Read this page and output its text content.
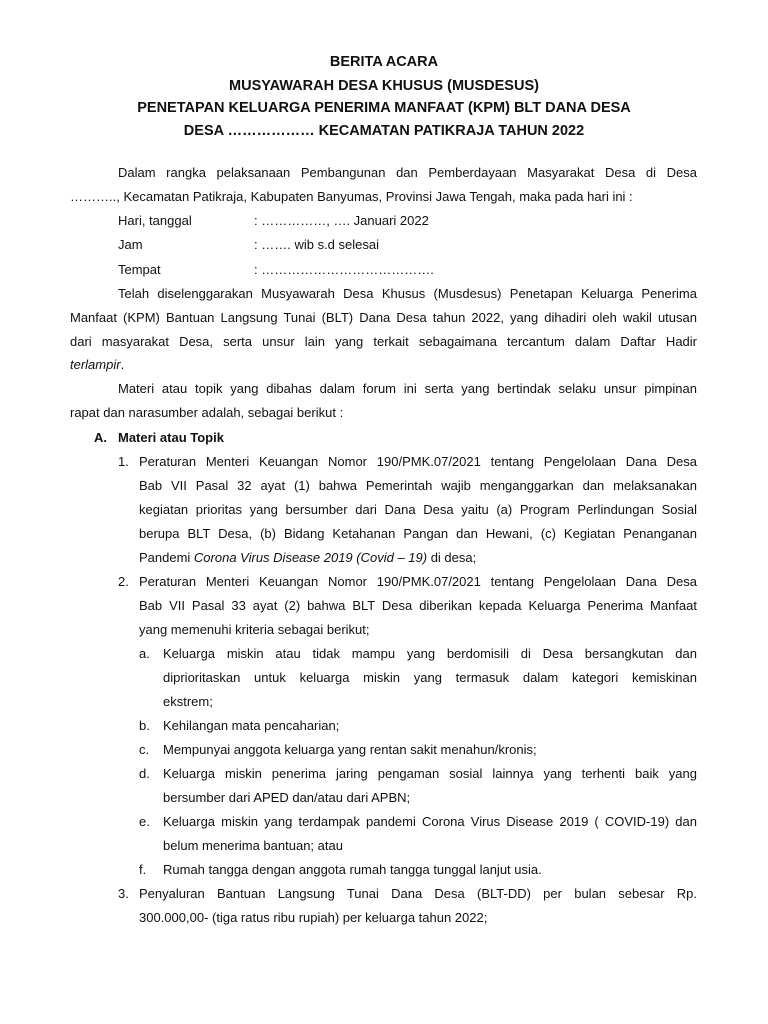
BERITA ACARA
MUSYAWARAH DESA KHUSUS (MUSDESUS)
PENETAPAN KELUARGA PENERIMA MANFAAT (KPM) BLT DANA DESA
DESA ……………… KECAMATAN PATIKRAJA TAHUN 2022
Dalam rangka pelaksanaan Pembangunan dan Pemberdayaan Masyarakat Desa di Desa
……….., Kecamatan Patikraja, Kabupaten Banyumas, Provinsi Jawa Tengah, maka pada hari ini :
Hari, tanggal	: ……………, …. Januari 2022
Jam	: ……. wib s.d selesai
Tempat	: ………………………………….
Telah diselenggarakan Musyawarah Desa Khusus (Musdesus) Penetapan Keluarga Penerima
Manfaat (KPM) Bantuan Langsung Tunai (BLT) Dana Desa tahun 2022, yang dihadiri oleh wakil utusan
dari masyarakat Desa, serta unsur lain yang terkait sebagaimana tercantum dalam Daftar Hadir
terlampir.
Materi atau topik yang dibahas dalam forum ini serta yang bertindak selaku unsur pimpinan
rapat dan narasumber adalah, sebagai berikut :
A. Materi atau Topik
1. Peraturan Menteri Keuangan Nomor 190/PMK.07/2021 tentang Pengelolaan Dana Desa
Bab VII Pasal 32 ayat (1) bahwa Pemerintah wajib menganggarkan dan melaksanakan
kegiatan prioritas yang bersumber dari Dana Desa yaitu (a) Program Perlindungan Sosial
berupa BLT Desa, (b) Bidang Ketahanan Pangan dan Hewani, (c) Kegiatan Penanganan
Pandemi Corona Virus Disease 2019 (Covid – 19) di desa;
2. Peraturan Menteri Keuangan Nomor 190/PMK.07/2021 tentang Pengelolaan Dana Desa
Bab VII Pasal 33 ayat (2) bahwa BLT Desa diberikan kepada Keluarga Penerima Manfaat
yang memenuhi kriteria sebagai berikut;
a. Keluarga miskin atau tidak mampu yang berdomisili di Desa bersangkutan dan
diprioritaskan untuk keluarga miskin yang termasuk dalam kategori kemiskinan
ekstrem;
b. Kehilangan mata pencaharian;
c. Mempunyai anggota keluarga yang rentan sakit menahun/kronis;
d. Keluarga miskin penerima jaring pengaman sosial lainnya yang terhenti baik yang
bersumber dari APED dan/atau dari APBN;
e. Keluarga miskin yang terdampak pandemi Corona Virus Disease 2019 ( COVID-19) dan
belum menerima bantuan; atau
f. Rumah tangga dengan anggota rumah tangga tunggal lanjut usia.
3. Penyaluran Bantuan Langsung Tunai Dana Desa (BLT-DD) per bulan sebesar Rp.
300.000,00- (tiga ratus ribu rupiah) per keluarga tahun 2022;
